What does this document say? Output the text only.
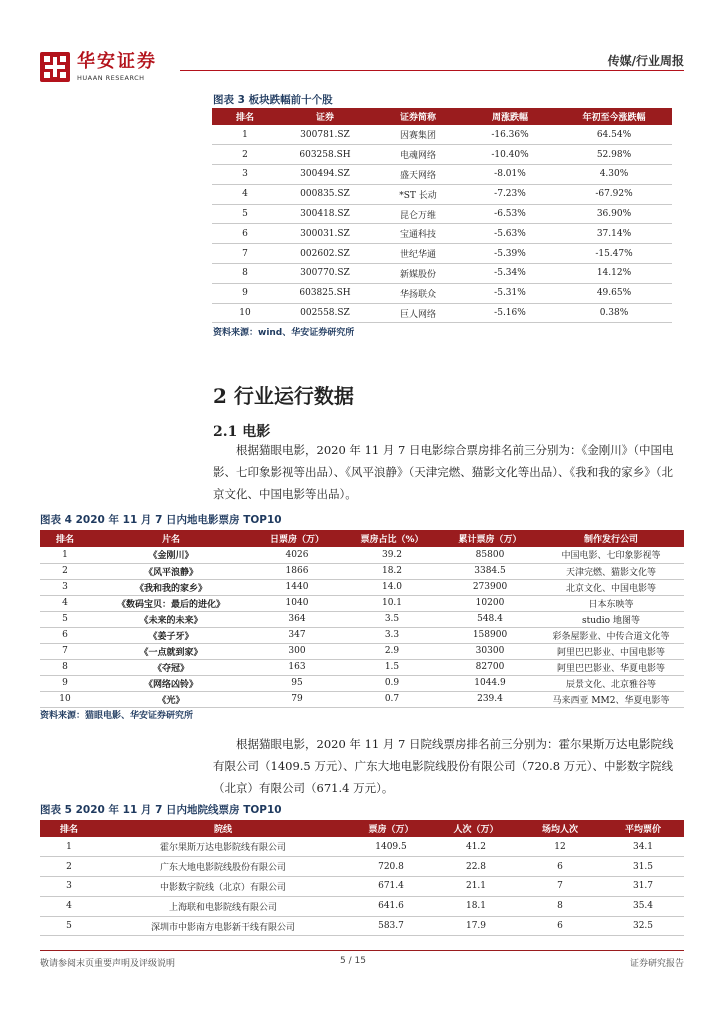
华安证券
HUAAN RESEARCH
传媒/行业周报
图表 3 板块跌幅前十个股
排名	证券	证券简称	周涨跌幅	年初至今涨跌幅
1	300781.SZ	因赛集团	-16.36%	64.54%
2	603258.SH	电魂网络	-10.40%	52.98%
3	300494.SZ	盛天网络	-8.01%	4.30%
4	000835.SZ	*ST 长动	-7.23%	-67.92%
5	300418.SZ	昆仑万维	-6.53%	36.90%
6	300031.SZ	宝通科技	-5.63%	37.14%
7	002602.SZ	世纪华通	-5.39%	-15.47%
8	300770.SZ	新媒股份	-5.34%	14.12%
9	603825.SH	华扬联众	-5.31%	49.65%
10	002558.SZ	巨人网络	-5.16%	0.38%
资料来源：wind、华安证券研究所
2 行业运行数据
2.1 电影
根据猫眼电影，2020 年 11 月 7 日电影综合票房排名前三分别为：《金刚川》（中国电影、七印象影视等出品）、《风平浪静》（天津完燃、猫影文化等出品）、《我和我的家乡》（北京文化、中国电影等出品）。
图表 4 2020 年 11 月 7 日内地电影票房 TOP10
排名	片名	日票房（万）	票房占比（%）	累计票房（万）	制作发行公司
1	《金刚川》	4026	39.2	85800	中国电影、七印象影视等
2	《风平浪静》	1866	18.2	3384.5	天津完燃、猫影文化等
3	《我和我的家乡》	1440	14.0	273900	北京文化、中国电影等
4	《数码宝贝：最后的进化》	1040	10.1	10200	日本东映等
5	《未来的未来》	364	3.5	548.4	studio 地图等
6	《姜子牙》	347	3.3	158900	彩条屋影业、中传合道文化等
7	《一点就到家》	300	2.9	30300	阿里巴巴影业、中国电影等
8	《夺冠》	163	1.5	82700	阿里巴巴影业、华夏电影等
9	《网络凶铃》	95	0.9	1044.9	辰景文化、北京雅谷等
10	《光》	79	0.7	239.4	马来西亚 MM2、华夏电影等
资料来源：猫眼电影、华安证券研究所
根据猫眼电影，2020 年 11 月 7 日院线票房排名前三分别为：霍尔果斯万达电影院线有限公司（1409.5 万元）、广东大地电影院线股份有限公司（720.8 万元）、中影数字院线（北京）有限公司（671.4 万元）。
图表 5 2020 年 11 月 7 日内地院线票房 TOP10
排名	院线	票房（万）	人次（万）	场均人次	平均票价
1	霍尔果斯万达电影院线有限公司	1409.5	41.2	12	34.1
2	广东大地电影院线股份有限公司	720.8	22.8	6	31.5
3	中影数字院线（北京）有限公司	671.4	21.1	7	31.7
4	上海联和电影院线有限公司	641.6	18.1	8	35.4
5	深圳市中影南方电影新干线有限公司	583.7	17.9	6	32.5
敬请参阅末页重要声明及评级说明	5 / 15	证券研究报告
